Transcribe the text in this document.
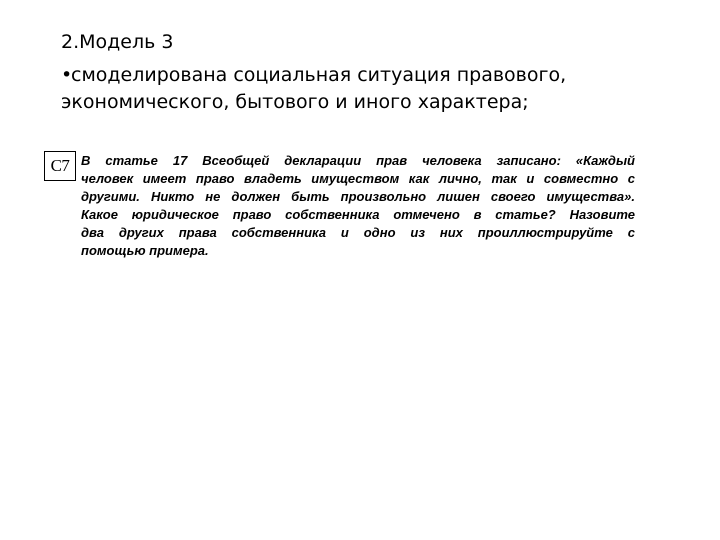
2.Модель 3
•смоделирована социальная ситуация правового,
экономического, бытового и иного характера;
С7 В статье 17 Всеобщей декларации прав человека записано: «Каждый
человек имеет право владеть имуществом как лично, так и совместно с
другими. Никто не должен быть произвольно лишен своего имущества».
Какое юридическое право собственника отмечено в статье? Назовите
два других права собственника и одно из них проиллюстрируйте с
помощью примера.
